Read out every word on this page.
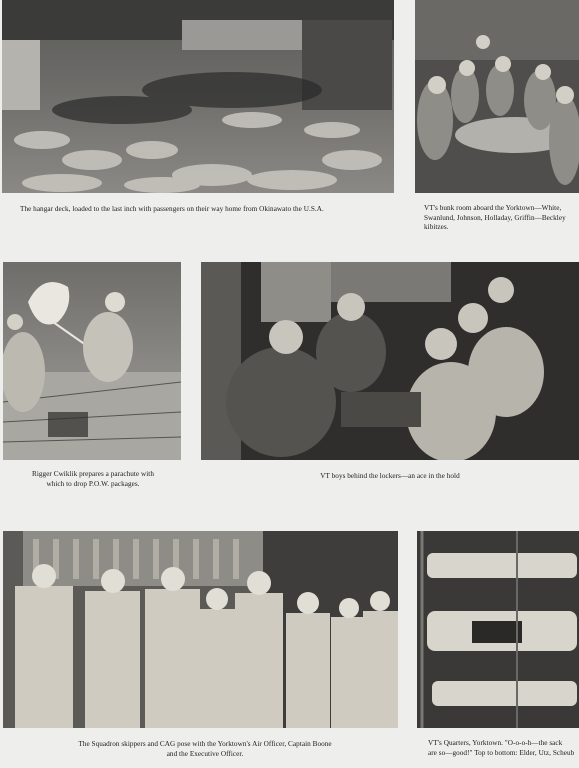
The hangar deck, loaded to the last inch with passengers on their way home from Okinawato the U.S.A.	VT's bunk room aboard the Yorktown—White,
Swanlund, Johnson, Holladay, Griffin—Beckley
kibitzes.
Rigger Cwiklik prepares a parachute with
which to drop P.O.W. packages.
VT boys behind the lockers—an ace in the hold
The Squadron skippers and CAG pose with the Yorktown's Air Officer, Captain Boone
and the Executive Officer.
VT's Quarters, Yorktown. "O-o-o-h—the sack
are so—good!" Top to bottom: Elder, Utz, Scheub
